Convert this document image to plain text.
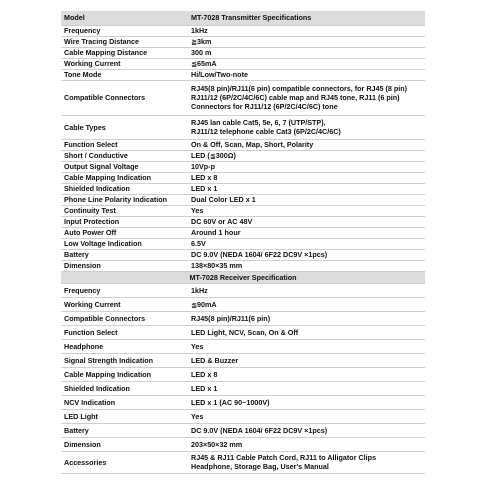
Model	MT-7028 Transmitter Specifications
Frequency	1kHz

Wire Tracing Distance	≧3km

Cable Mapping Distance	300 m

Working Current	≦65mA

Tone Mode	Hi/Low/Two-note

Compatible Connectors	RJ45(8 pin)/RJ11(6 pin) compatible connectors, for RJ45 (8 pin)
RJ11/12 (6P/2C/4C/6C) cable map and RJ45 tone, RJ11 (6 pin)
Connectors for RJ11/12 (6P/2C/4C/6C) tone

Cable Types	RJ45 lan cable Cat5, 5e, 6, 7 (UTP/STP),
RJ11/12 telephone cable Cat3 (6P/2C/4C/6C)

Function Select	On & Off, Scan, Map, Short, Polarity

Short / Conductive	LED (≦300Ω)

Output Signal Voltage	10Vp-p

Cable Mapping Indication	LED x 8

Shielded Indication	LED x 1

Phone Line Polarity Indication	Dual Color LED x 1

Continuity Test	Yes

Input Protection	DC 60V or AC 48V

Auto Power Off	Around 1 hour

Low Voltage Indication	6.5V

Battery	DC 9.0V (NEDA 1604/ 6F22 DC9V ×1pcs)

Dimension	138×80×35 mm

MT-7028 Receiver Specification	
Frequency	1kHz

Working Current	≦90mA

Compatible Connectors	RJ45(8 pin)/RJ11(6 pin)

Function Select	LED Light, NCV, Scan, On & Off

Headphone	Yes

Signal Strength Indication	LED & Buzzer

Cable Mapping Indication	LED x 8

Shielded Indication	LED x 1

NCV Indication	LED x 1 (AC 90~1000V)

LED Light	Yes

Battery	DC 9.0V (NEDA 1604/ 6F22 DC9V ×1pcs)

Dimension	203×50×32 mm

Accessories	RJ45 & RJ11 Cable Patch Cord, RJ11 to Alligator Clips
Headphone, Storage Bag, User's Manual
